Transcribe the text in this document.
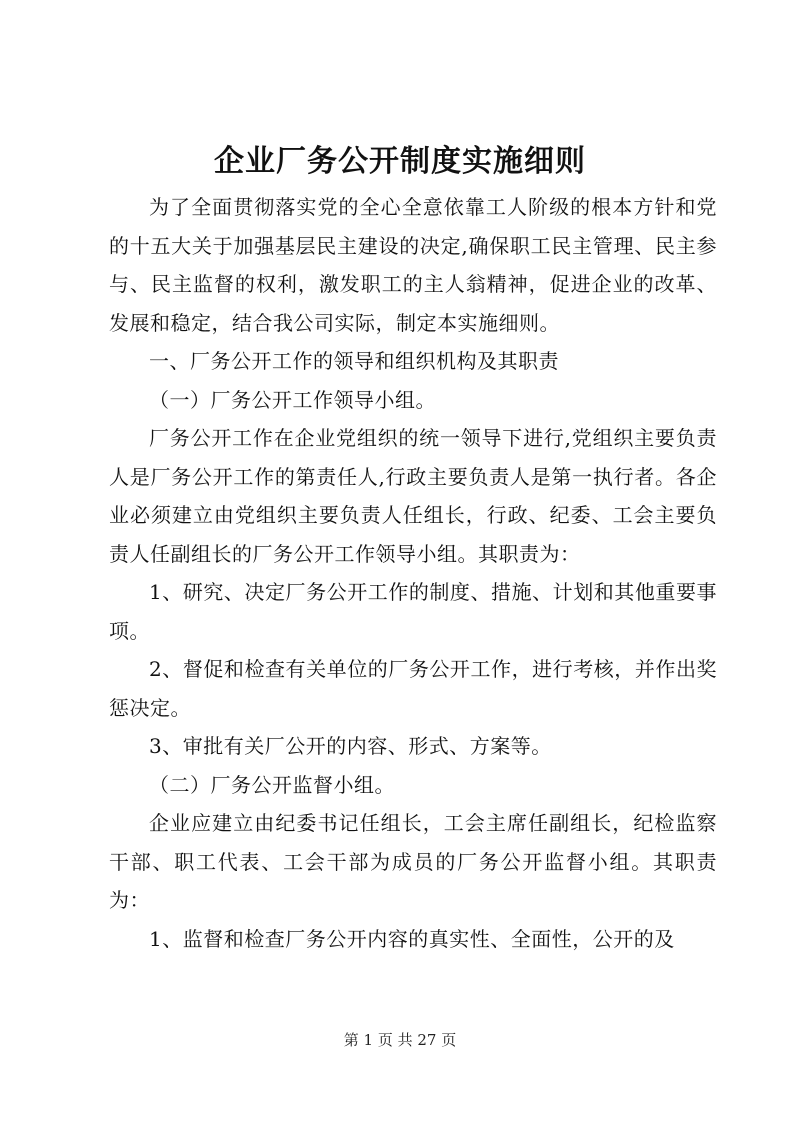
企业厂务公开制度实施细则

为了全面贯彻落实党的全心全意依靠工人阶级的根本方针和党的十五大关于加强基层民主建设的决定,确保职工民主管理、民主参与、民主监督的权利，激发职工的主人翁精神，促进企业的改革、发展和稳定，结合我公司实际，制定本实施细则。

一、厂务公开工作的领导和组织机构及其职责

（一）厂务公开工作领导小组。

厂务公开工作在企业党组织的统一领导下进行,党组织主要负责人是厂务公开工作的第责任人,行政主要负责人是第一执行者。各企业必须建立由党组织主要负责人任组长，行政、纪委、工会主要负责人任副组长的厂务公开工作领导小组。其职责为：

1、研究、决定厂务公开工作的制度、措施、计划和其他重要事项。

2、督促和检查有关单位的厂务公开工作，进行考核，并作出奖惩决定。

3、审批有关厂公开的内容、形式、方案等。

（二）厂务公开监督小组。

企业应建立由纪委书记任组长，工会主席任副组长，纪检监察干部、职工代表、工会干部为成员的厂务公开监督小组。其职责为：

1、监督和检查厂务公开内容的真实性、全面性，公开的及

第 1 页 共 27 页
